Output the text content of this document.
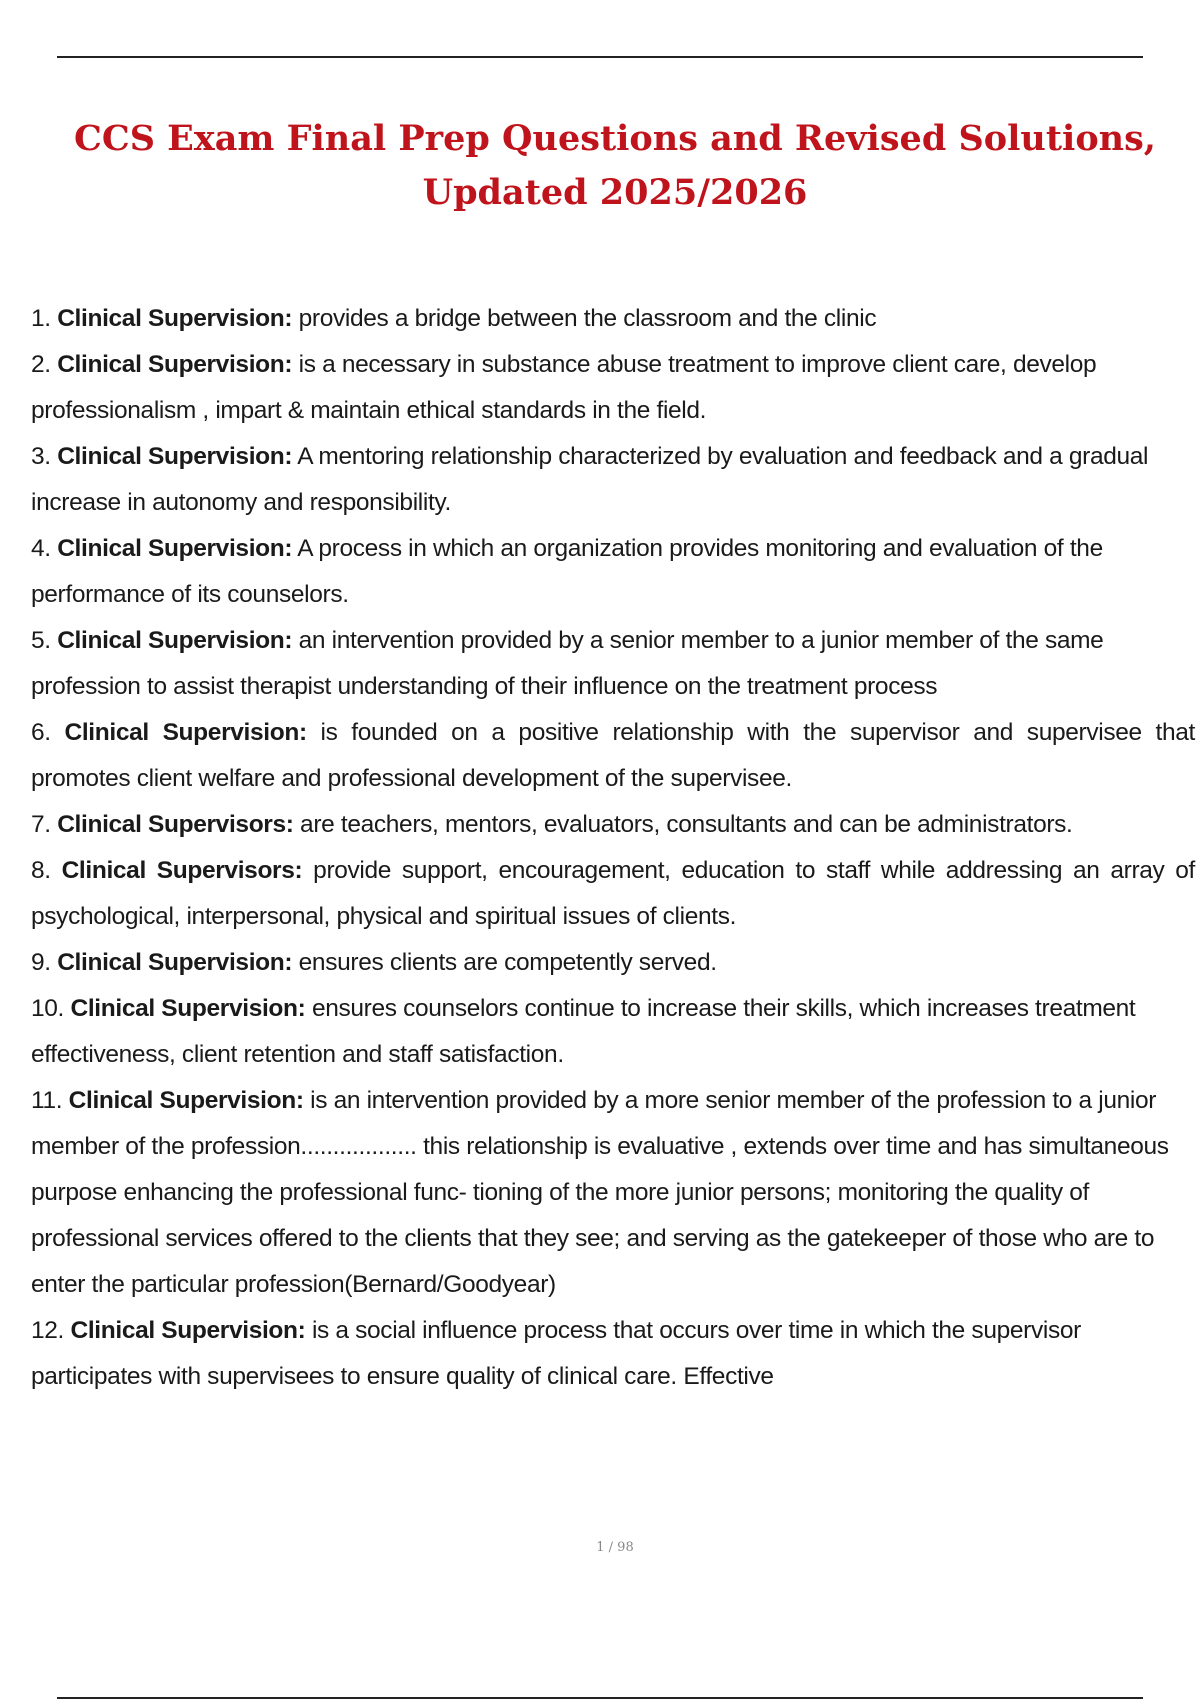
CCS Exam Final Prep Questions and Revised Solutions, Updated 2025/2026
1. Clinical Supervision: provides a bridge between the classroom and the clinic
2. Clinical Supervision: is a necessary in substance abuse treatment to improve client care, develop professionalism , impart & maintain ethical standards in the field.
3. Clinical Supervision: A mentoring relationship characterized by evaluation and feedback and a gradual increase in autonomy and responsibility.
4. Clinical Supervision: A process in which an organization provides monitoring and evaluation of the performance of its counselors.
5. Clinical Supervision: an intervention provided by a senior member to a junior member of the same profession to assist therapist understanding of their influence on the treatment process
6. Clinical Supervision: is founded on a positive relationship with the supervisor and supervisee that promotes client welfare and professional development of the supervisee.
7. Clinical Supervisors: are teachers, mentors, evaluators, consultants and can be administrators.
8. Clinical Supervisors: provide support, encouragement, education to staff while addressing an array of psychological, interpersonal, physical and spiritual issues of clients.
9. Clinical Supervision: ensures clients are competently served.
10. Clinical Supervision: ensures counselors continue to increase their skills, which increases treatment effectiveness, client retention and staff satisfaction.
11. Clinical Supervision: is an intervention provided by a more senior member of the profession to a junior member of the profession.................. this relationship is evaluative , extends over time and has simultaneous purpose enhancing the professional func- tioning of the more junior persons; monitoring the quality of professional services offered to the clients that they see; and serving as the gatekeeper of those who are to enter the particular profession(Bernard/Goodyear)
12. Clinical Supervision: is a social influence process that occurs over time in which the supervisor participates with supervisees to ensure quality of clinical care. Effective
1 / 98
